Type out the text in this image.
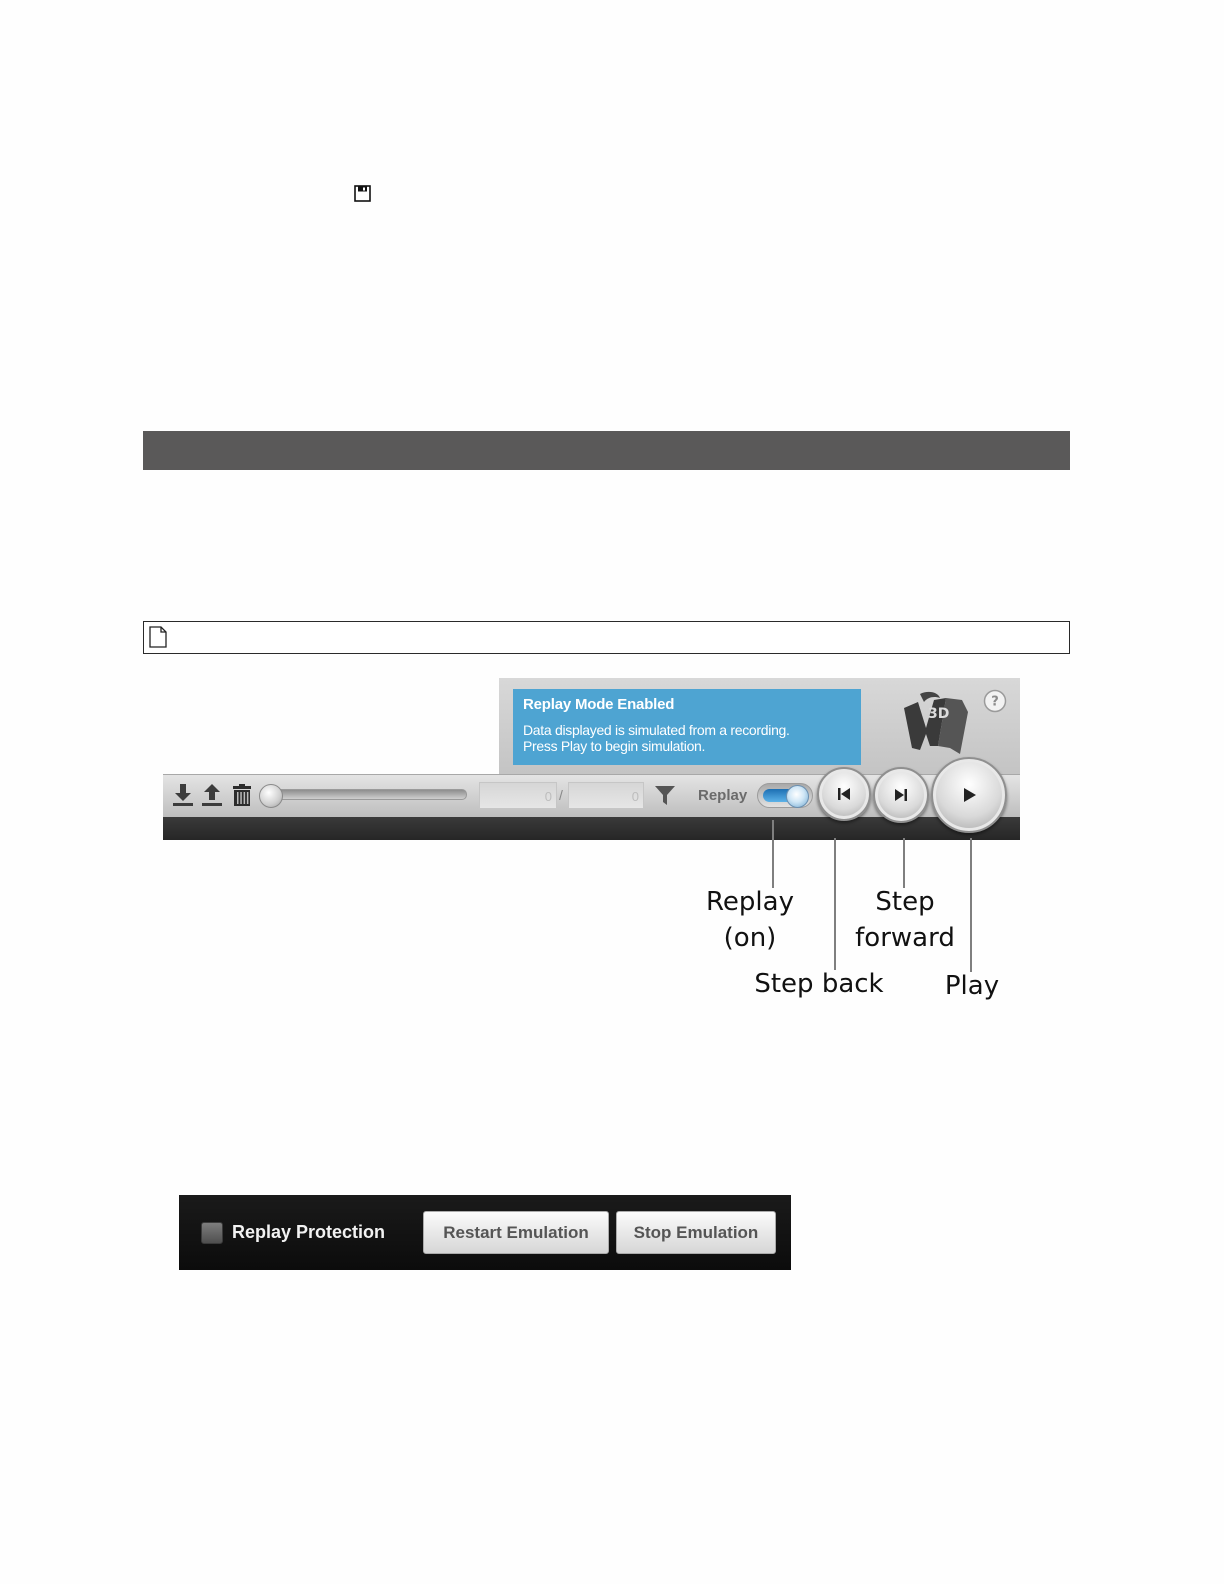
Replay Mode Enabled
Data displayed is simulated from a recording.
Press Play to begin simulation.
3D
?
0 /	0	Replay
Replay
(on)
Step
forward
Step back	Play
Replay Protection	Restart Emulation	Stop Emulation
